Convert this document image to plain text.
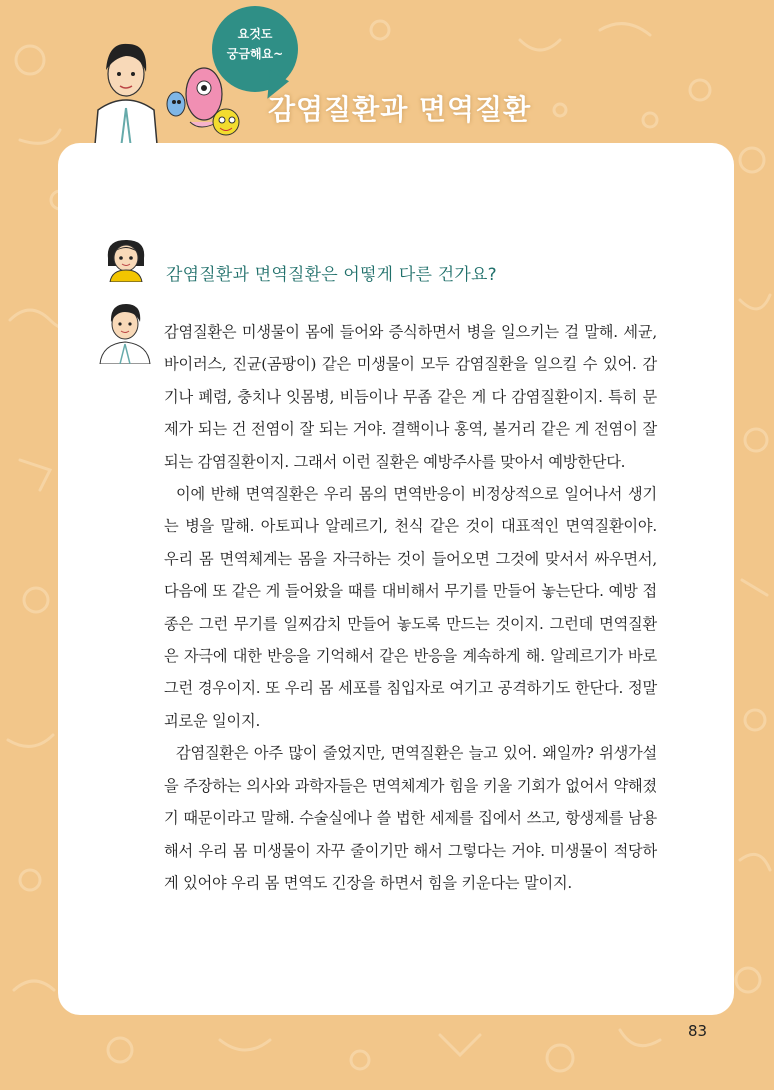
요것도
궁금해요~
감염질환과 면역질환
감염질환과 면역질환은 어떻게 다른 건가요?

감염질환은 미생물이 몸에 들어와 증식하면서 병을 일으키는 걸 말해. 세균, 바이러스, 진균(곰팡이) 같은 미생물이 모두 감염질환을 일으킬 수 있어. 감기나 폐렴, 충치나 잇몸병, 비듬이나 무좀 같은 게 다 감염질환이지. 특히 문제가 되는 건 전염이 잘 되는 거야. 결핵이나 홍역, 볼거리 같은 게 전염이 잘 되는 감염질환이지. 그래서 이런 질환은 예방주사를 맞아서 예방한단다.

이에 반해 면역질환은 우리 몸의 면역반응이 비정상적으로 일어나서 생기는 병을 말해. 아토피나 알레르기, 천식 같은 것이 대표적인 면역질환이야. 우리 몸 면역체계는 몸을 자극하는 것이 들어오면 그것에 맞서서 싸우면서, 다음에 또 같은 게 들어왔을 때를 대비해서 무기를 만들어 놓는단다. 예방 접종은 그런 무기를 일찌감치 만들어 놓도록 만드는 것이지. 그런데 면역질환은 자극에 대한 반응을 기억해서 같은 반응을 계속하게 해. 알레르기가 바로 그런 경우이지. 또 우리 몸 세포를 침입자로 여기고 공격하기도 한단다. 정말 괴로운 일이지.

감염질환은 아주 많이 줄었지만, 면역질환은 늘고 있어. 왜일까? 위생가설을 주장하는 의사와 과학자들은 면역체계가 힘을 키울 기회가 없어서 약해졌기 때문이라고 말해. 수술실에나 쓸 법한 세제를 집에서 쓰고, 항생제를 남용해서 우리 몸 미생물이 자꾸 줄이기만 해서 그렇다는 거야. 미생물이 적당하게 있어야 우리 몸 면역도 긴장을 하면서 힘을 키운다는 말이지.

83
